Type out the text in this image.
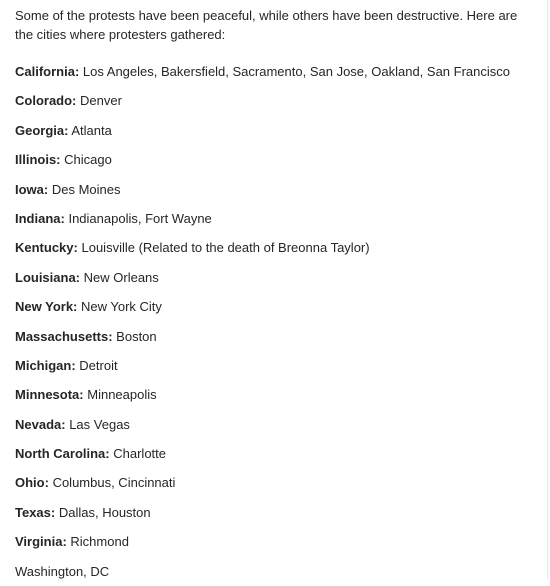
Some of the protests have been peaceful, while others have been destructive. Here are the cities where protesters gathered:

California: Los Angeles, Bakersfield, Sacramento, San Jose, Oakland, San Francisco
Colorado: Denver
Georgia: Atlanta
Illinois: Chicago
Iowa: Des Moines
Indiana: Indianapolis, Fort Wayne
Kentucky: Louisville (Related to the death of Breonna Taylor)
Louisiana: New Orleans
New York: New York City
Massachusetts: Boston
Michigan: Detroit
Minnesota: Minneapolis
Nevada: Las Vegas
North Carolina: Charlotte
Ohio: Columbus, Cincinnati
Texas: Dallas, Houston
Virginia: Richmond
Washington, DC
